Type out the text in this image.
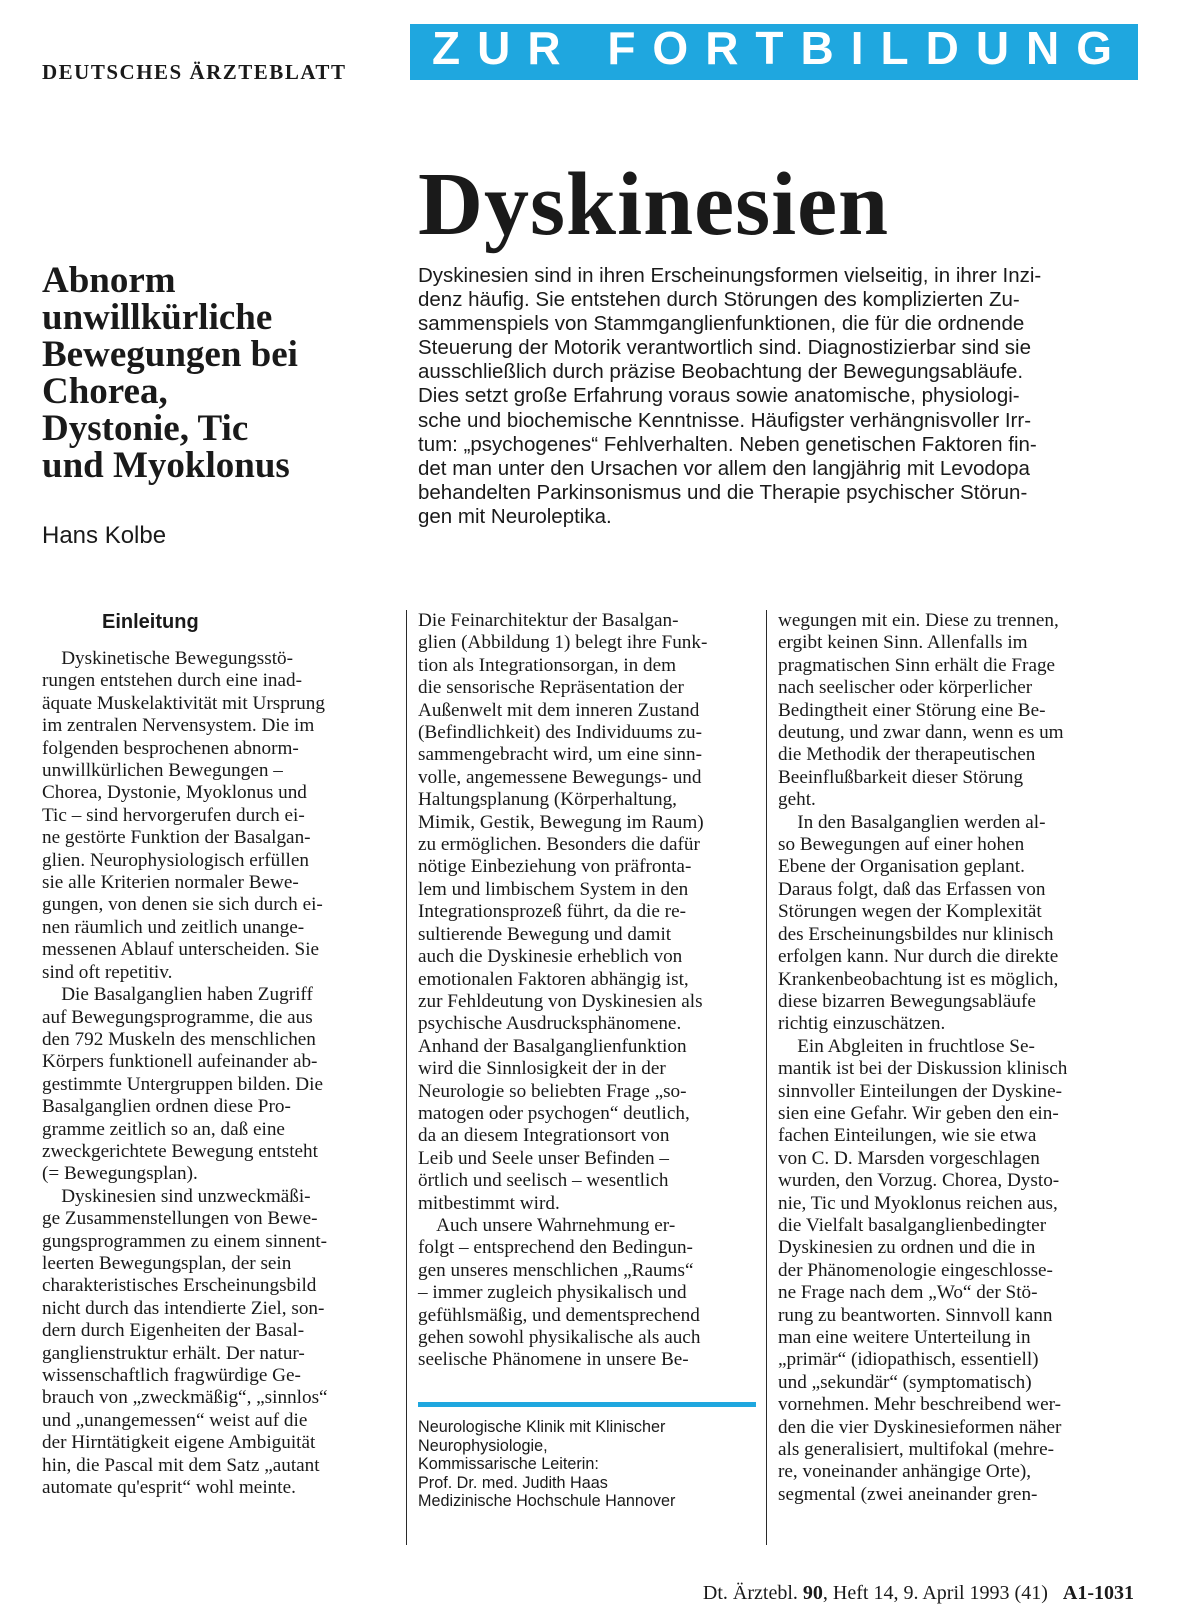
DEUTSCHES ÄRZTEBLATT	ZUR FORTBILDUNG
Dyskinesien
Abnorm
unwillkürliche
Bewegungen bei
Chorea,
Dystonie, Tic
und Myoklonus
Hans Kolbe
Dyskinesien sind in ihren Erscheinungsformen vielseitig, in ihrer Inzi-
denz häufig. Sie entstehen durch Störungen des komplizierten Zu-
sammenspiels von Stammganglienfunktionen, die für die ordnende
Steuerung der Motorik verantwortlich sind. Diagnostizierbar sind sie
ausschließlich durch präzise Beobachtung der Bewegungsabläufe.
Dies setzt große Erfahrung voraus sowie anatomische, physiologi-
sche und biochemische Kenntnisse. Häufigster verhängnisvoller Irr-
tum: „psychogenes“ Fehlverhalten. Neben genetischen Faktoren fin-
det man unter den Ursachen vor allem den langjährig mit Levodopa
behandelten Parkinsonismus und die Therapie psychischer Störun-
gen mit Neuroleptika.
Einleitung
Dyskinetische Bewegungsstö-
rungen entstehen durch eine inad-
äquate Muskelaktivität mit Ursprung
im zentralen Nervensystem. Die im
folgenden besprochenen abnorm-
unwillkürlichen Bewegungen –
Chorea, Dystonie, Myoklonus und
Tic – sind hervorgerufen durch ei-
ne gestörte Funktion der Basalgan-
glien. Neurophysiologisch erfüllen
sie alle Kriterien normaler Bewe-
gungen, von denen sie sich durch ei-
nen räumlich und zeitlich unange-
messenen Ablauf unterscheiden. Sie
sind oft repetitiv.
Die Basalganglien haben Zugriff
auf Bewegungsprogramme, die aus
den 792 Muskeln des menschlichen
Körpers funktionell aufeinander ab-
gestimmte Untergruppen bilden. Die
Basalganglien ordnen diese Pro-
gramme zeitlich so an, daß eine
zweckgerichtete Bewegung entsteht
(= Bewegungsplan).
Dyskinesien sind unzweckmäßi-
ge Zusammenstellungen von Bewe-
gungsprogrammen zu einem sinnent-
leerten Bewegungsplan, der sein
charakteristisches Erscheinungsbild
nicht durch das intendierte Ziel, son-
dern durch Eigenheiten der Basal-
ganglienstruktur erhält. Der natur-
wissenschaftlich fragwürdige Ge-
brauch von „zweckmäßig“, „sinnlos“
und „unangemessen“ weist auf die
der Hirntätigkeit eigene Ambiguität
hin, die Pascal mit dem Satz „autant
automate qu'esprit“ wohl meinte.
Die Feinarchitektur der Basalgan-
glien (Abbildung 1) belegt ihre Funk-
tion als Integrationsorgan, in dem
die sensorische Repräsentation der
Außenwelt mit dem inneren Zustand
(Befindlichkeit) des Individuums zu-
sammengebracht wird, um eine sinn-
volle, angemessene Bewegungs- und
Haltungsplanung (Körperhaltung,
Mimik, Gestik, Bewegung im Raum)
zu ermöglichen. Besonders die dafür
nötige Einbeziehung von präfronta-
lem und limbischem System in den
Integrationsprozeß führt, da die re-
sultierende Bewegung und damit
auch die Dyskinesie erheblich von
emotionalen Faktoren abhängig ist,
zur Fehldeutung von Dyskinesien als
psychische Ausdrucksphänomene.
Anhand der Basalganglienfunktion
wird die Sinnlosigkeit der in der
Neurologie so beliebten Frage „so-
matogen oder psychogen“ deutlich,
da an diesem Integrationsort von
Leib und Seele unser Befinden –
örtlich und seelisch – wesentlich
mitbestimmt wird.
Auch unsere Wahrnehmung er-
folgt – entsprechend den Bedingun-
gen unseres menschlichen „Raums“
– immer zugleich physikalisch und
gefühlsmäßig, und dementsprechend
gehen sowohl physikalische als auch
seelische Phänomene in unsere Be-
wegungen mit ein. Diese zu trennen,
ergibt keinen Sinn. Allenfalls im
pragmatischen Sinn erhält die Frage
nach seelischer oder körperlicher
Bedingtheit einer Störung eine Be-
deutung, und zwar dann, wenn es um
die Methodik der therapeutischen
Beeinflußbarkeit dieser Störung
geht.
In den Basalganglien werden al-
so Bewegungen auf einer hohen
Ebene der Organisation geplant.
Daraus folgt, daß das Erfassen von
Störungen wegen der Komplexität
des Erscheinungsbildes nur klinisch
erfolgen kann. Nur durch die direkte
Krankenbeobachtung ist es möglich,
diese bizarren Bewegungsabläufe
richtig einzuschätzen.
Ein Abgleiten in fruchtlose Se-
mantik ist bei der Diskussion klinisch
sinnvoller Einteilungen der Dyskine-
sien eine Gefahr. Wir geben den ein-
fachen Einteilungen, wie sie etwa
von C. D. Marsden vorgeschlagen
wurden, den Vorzug. Chorea, Dysto-
nie, Tic und Myoklonus reichen aus,
die Vielfalt basalganglienbedingter
Dyskinesien zu ordnen und die in
der Phänomenologie eingeschlosse-
ne Frage nach dem „Wo“ der Stö-
rung zu beantworten. Sinnvoll kann
man eine weitere Unterteilung in
„primär“ (idiopathisch, essentiell)
und „sekundär“ (symptomatisch)
vornehmen. Mehr beschreibend wer-
den die vier Dyskinesieformen näher
als generalisiert, multifokal (mehre-
re, voneinander anhängige Orte),
segmental (zwei aneinander gren-
Neurologische Klinik mit Klinischer
Neurophysiologie,
Kommissarische Leiterin:
Prof. Dr. med. Judith Haas
Medizinische Hochschule Hannover
Dt. Ärztebl. 90, Heft 14, 9. April 1993 (41) A1-1031
